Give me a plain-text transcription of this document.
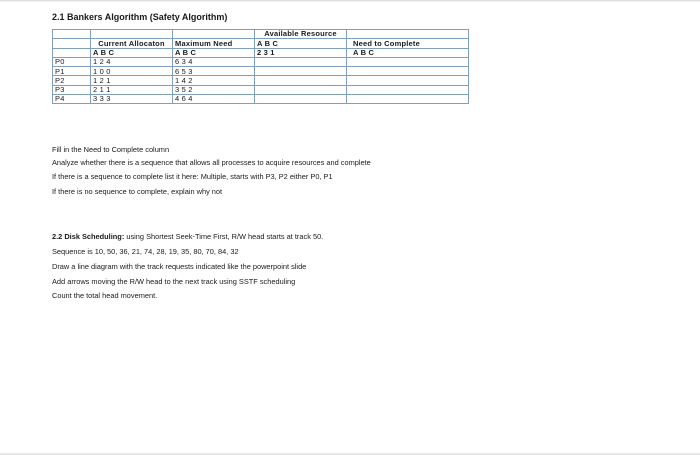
2.1 Bankers Algorithm (Safety Algorithm)
			Available Resource	
	Current Allocaton	Maximum Need	A B C	Need to Complete
	A B C	A B C	2 3 1	A B C
P0	1 2 4	6 3 4		
P1	1 0 0	6 5 3		
P2	1 2 1	1 4 2		
P3	2 1 1	3 5 2		
P4	3 3 3	4 6 4		
Fill in the Need to Complete column
Analyze whether there is a sequence that allows all processes to acquire resources and complete
If there is a sequence to complete list it here: Multiple, starts with P3, P2 either P0, P1
If there is no sequence to complete, explain why not
2.2 Disk Scheduling: using Shortest Seek-Time First, R/W head starts at track 50.
Sequence is 10, 50, 36, 21, 74, 28, 19, 35, 80, 70, 84, 32
Draw a line diagram with the track requests indicated like the powerpoint slide
Add arrows moving the R/W head to the next track using SSTF scheduling
Count the total head movement.
